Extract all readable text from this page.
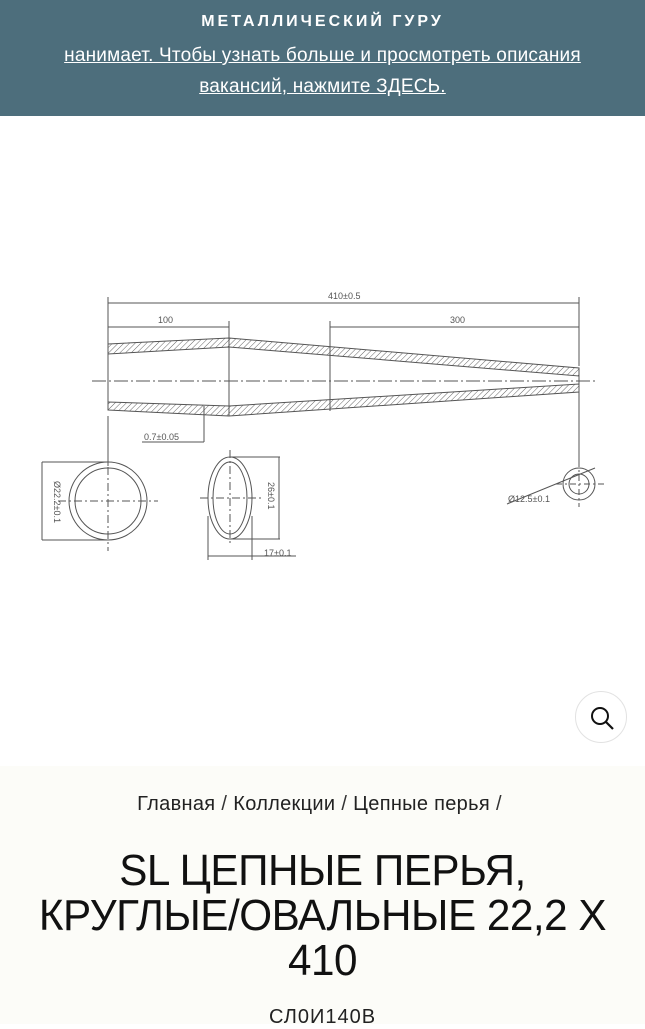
МЕТАЛЛИЧЕСКИЙ ГУРУ
нанимает. Чтобы узнать больше и просмотреть описания вакансий, нажмите ЗДЕСЬ.
410±0.5
100	300
0.7±0.05
Ø12.5±0.1
17±0.1
Ø22.2±0.1	26±0.1
Главная / Коллекции / Цепные перья /
SL ЦЕПНЫЕ ПЕРЬЯ, КРУГЛЫЕ/ОВАЛЬНЫЕ 22,2 X 410
СЛ0И140В
